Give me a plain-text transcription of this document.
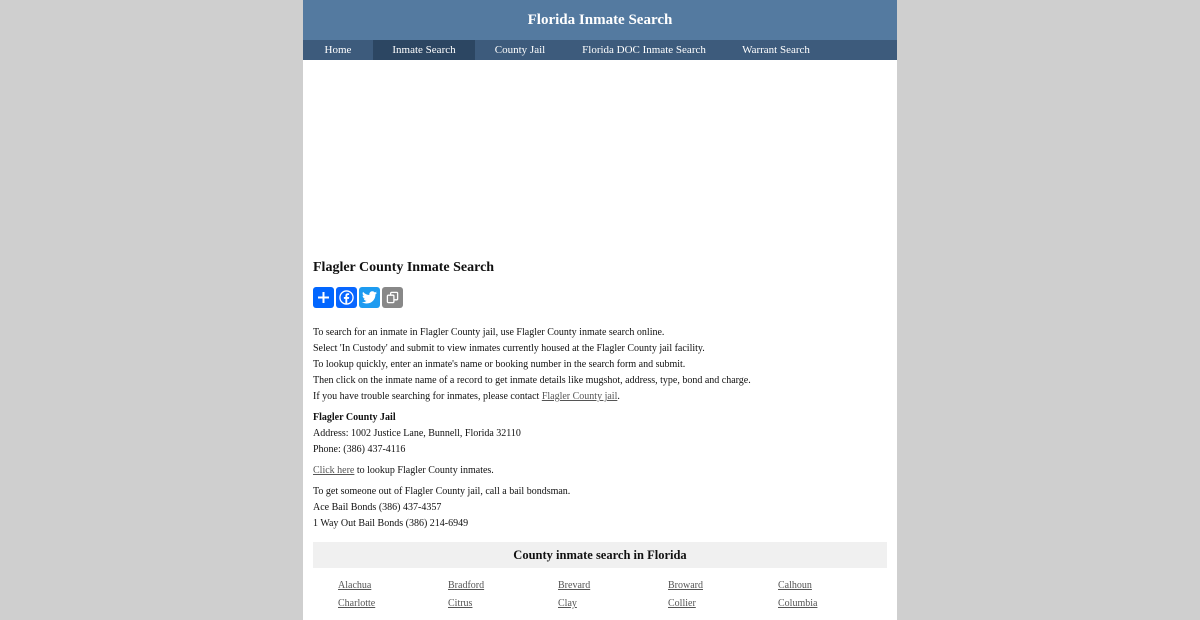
Florida Inmate Search
Home	Inmate Search	County Jail	Florida DOC Inmate Search	Warrant Search
Flagler County Inmate Search
To search for an inmate in Flagler County jail, use Flagler County inmate search online.
Select 'In Custody' and submit to view inmates currently housed at the Flagler County jail facility.
To lookup quickly, enter an inmate's name or booking number in the search form and submit.
Then click on the inmate name of a record to get inmate details like mugshot, address, type, bond and charge.
If you have trouble searching for inmates, please contact Flagler County jail.
Flagler County Jail
Address: 1002 Justice Lane, Bunnell, Florida 32110
Phone: (386) 437-4116
Click here to lookup Flagler County inmates.
To get someone out of Flagler County jail, call a bail bondsman.
Ace Bail Bonds (386) 437-4357
1 Way Out Bail Bonds (386) 214-6949
County inmate search in Florida
Alachua	Bradford	Brevard	Broward	Calhoun
Charlotte	Citrus	Clay	Collier	Columbia
